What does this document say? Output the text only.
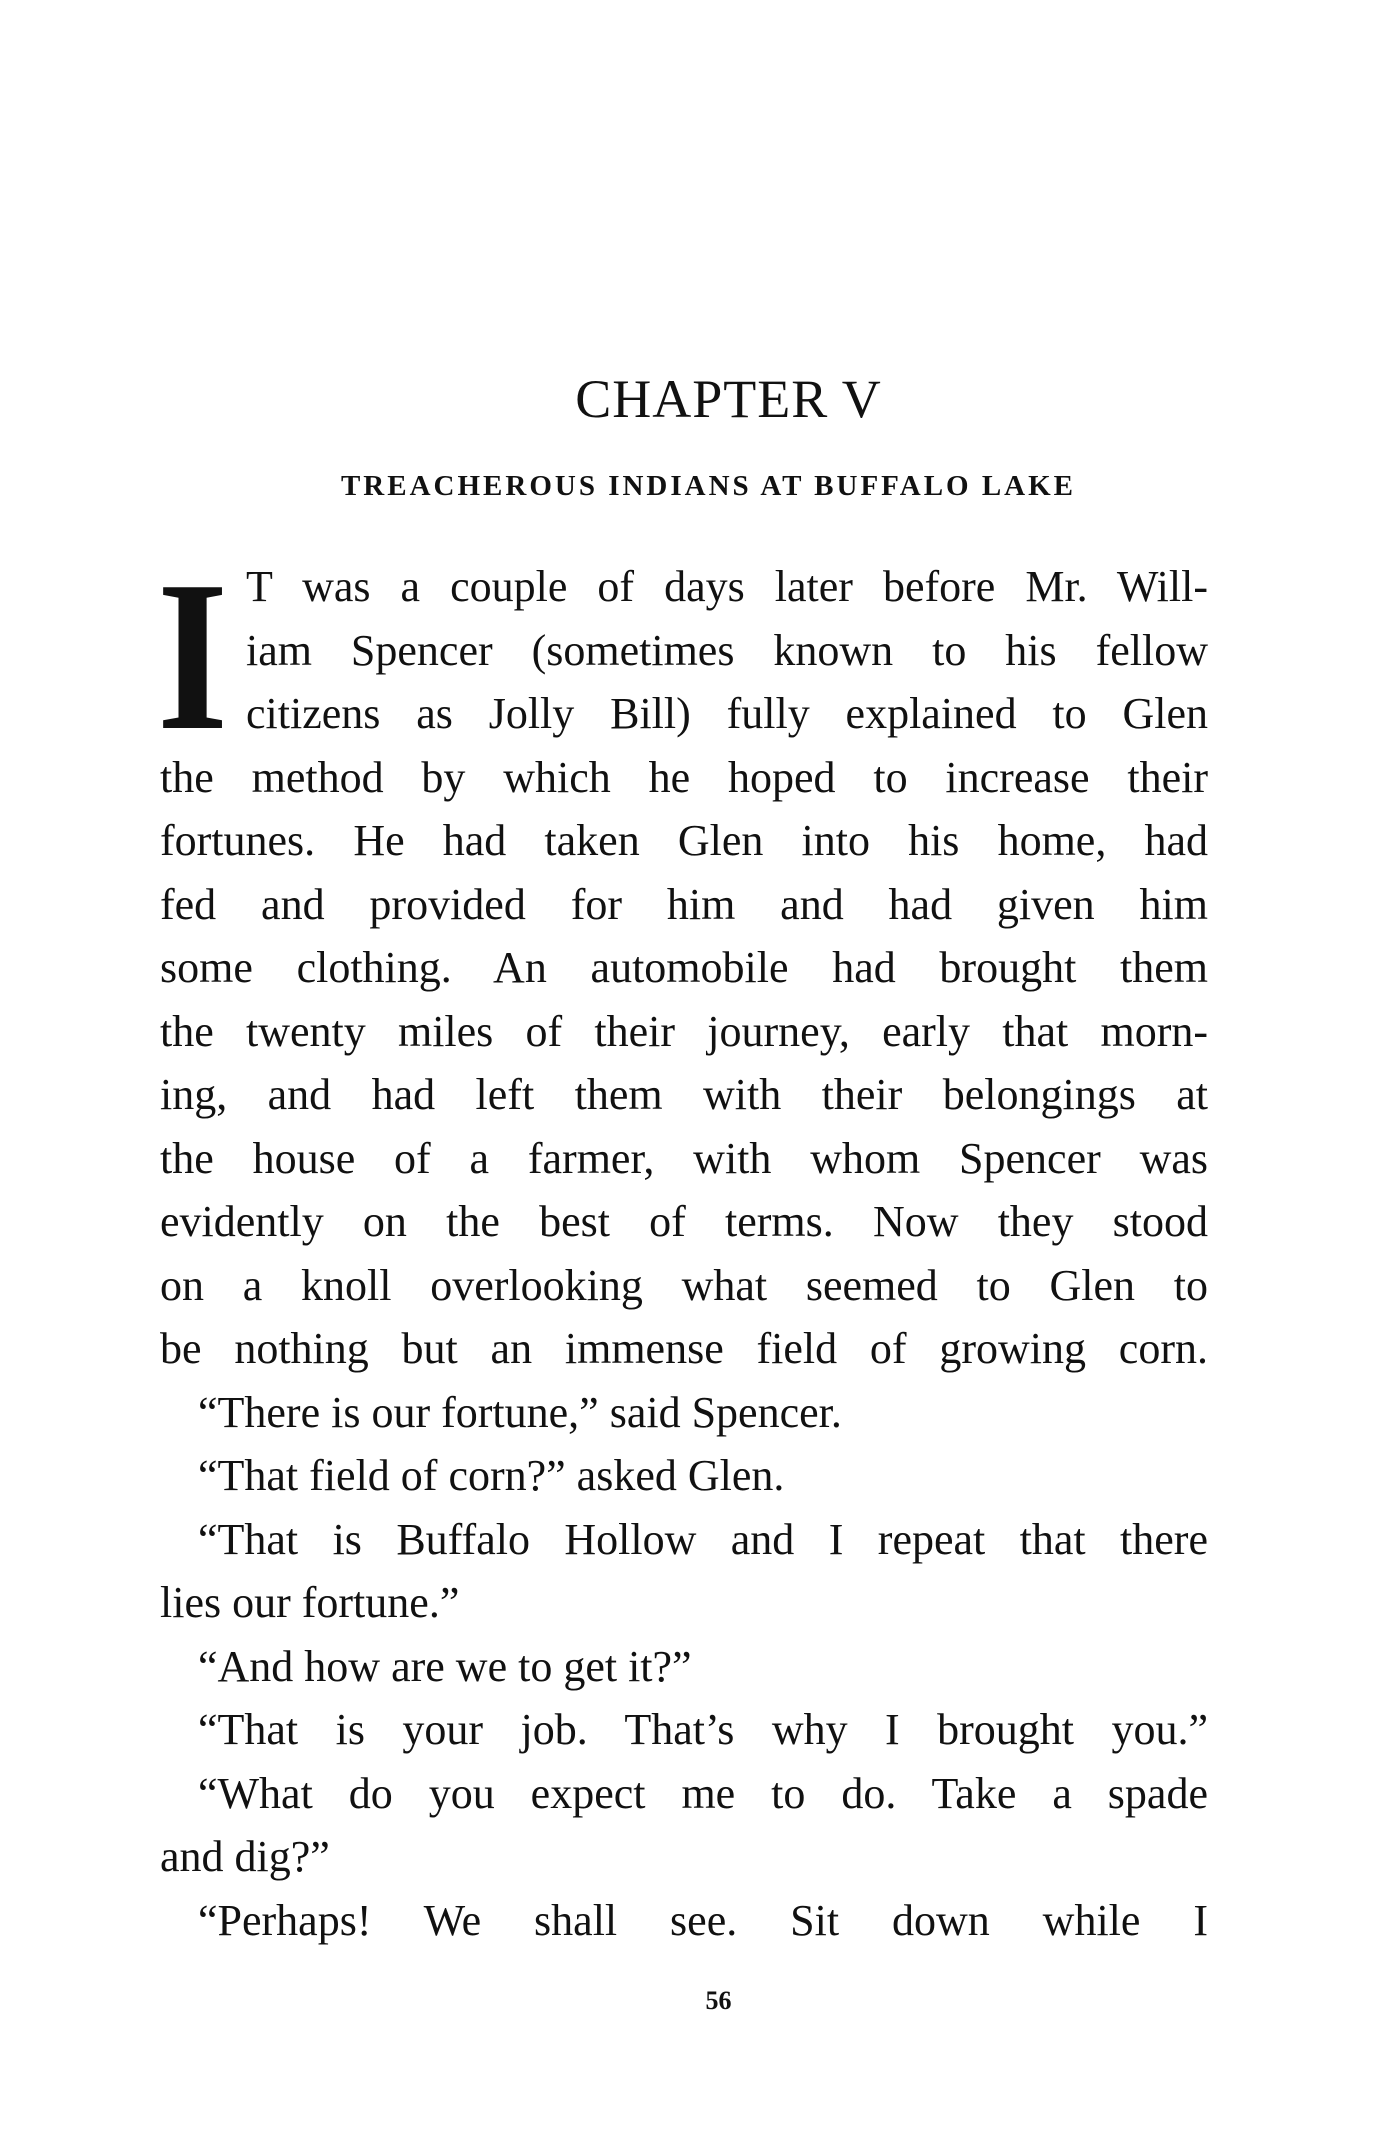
CHAPTER V
TREACHEROUS INDIANS AT BUFFALO LAKE
I T was a couple of days later before Mr. Will-
iam Spencer (sometimes known to his fellow
citizens as Jolly Bill) fully explained to Glen
the method by which he hoped to increase their
fortunes. He had taken Glen into his home, had
fed and provided for him and had given him
some clothing. An automobile had brought them
the twenty miles of their journey, early that morn-
ing, and had left them with their belongings at
the house of a farmer, with whom Spencer was
evidently on the best of terms. Now they stood
on a knoll overlooking what seemed to Glen to
be nothing but an immense field of growing corn.
“There is our fortune,” said Spencer.
“That field of corn?” asked Glen.
“That is Buffalo Hollow and I repeat that there
lies our fortune.”
“And how are we to get it?”
“That is your job. That’s why I brought you.”
“What do you expect me to do. Take a spade
and dig?”
“Perhaps! We shall see. Sit down while I
56
